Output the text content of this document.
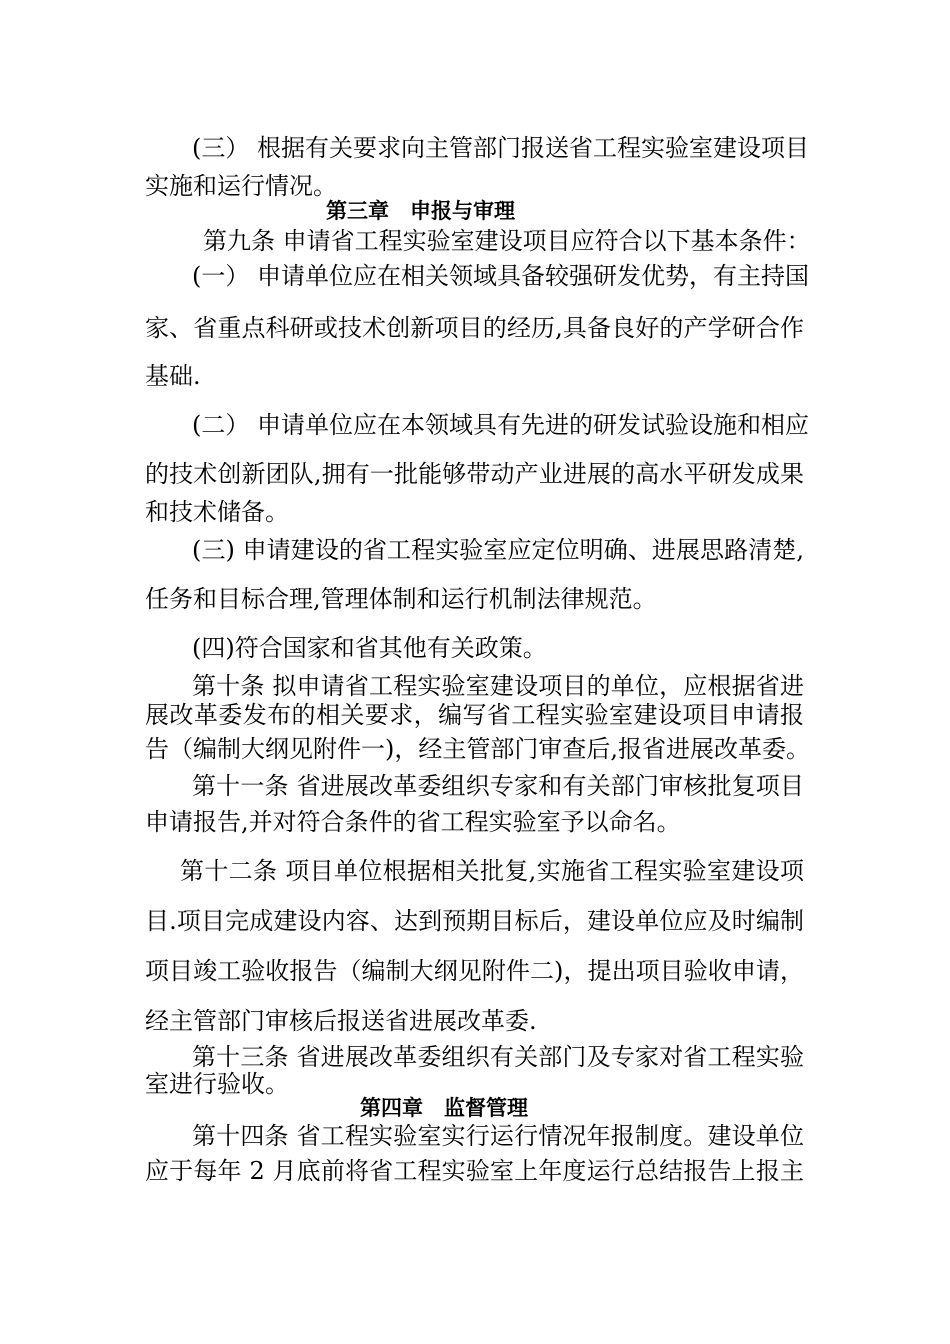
(三） 根据有关要求向主管部门报送省工程实验室建设项目

实施和运行情况。

第三章　申报与审理

第九条 申请省工程实验室建设项目应符合以下基本条件：

(一） 申请单位应在相关领域具备较强研发优势，有主持国

家、省重点科研或技术创新项目的经历,具备良好的产学研合作

基础.

(二） 申请单位应在本领域具有先进的研发试验设施和相应

的技术创新团队,拥有一批能够带动产业进展的高水平研发成果

和技术储备。

(三) 申请建设的省工程实验室应定位明确、进展思路清楚,

任务和目标合理,管理体制和运行机制法律规范。

(四)符合国家和省其他有关政策。

第十条 拟申请省工程实验室建设项目的单位，应根据省进

展改革委发布的相关要求，编写省工程实验室建设项目申请报

告（编制大纲见附件一)，经主管部门审查后,报省进展改革委。

第十一条 省进展改革委组织专家和有关部门审核批复项目

申请报告,并对符合条件的省工程实验室予以命名。

第十二条 项目单位根据相关批复,实施省工程实验室建设项

目.项目完成建设内容、达到预期目标后，建设单位应及时编制

项目竣工验收报告（编制大纲见附件二)，提出项目验收申请，

经主管部门审核后报送省进展改革委.

第十三条 省进展改革委组织有关部门及专家对省工程实验

室进行验收。

第四章　监督管理

第十四条 省工程实验室实行运行情况年报制度。建设单位

应于每年 2 月底前将省工程实验室上年度运行总结报告上报主
